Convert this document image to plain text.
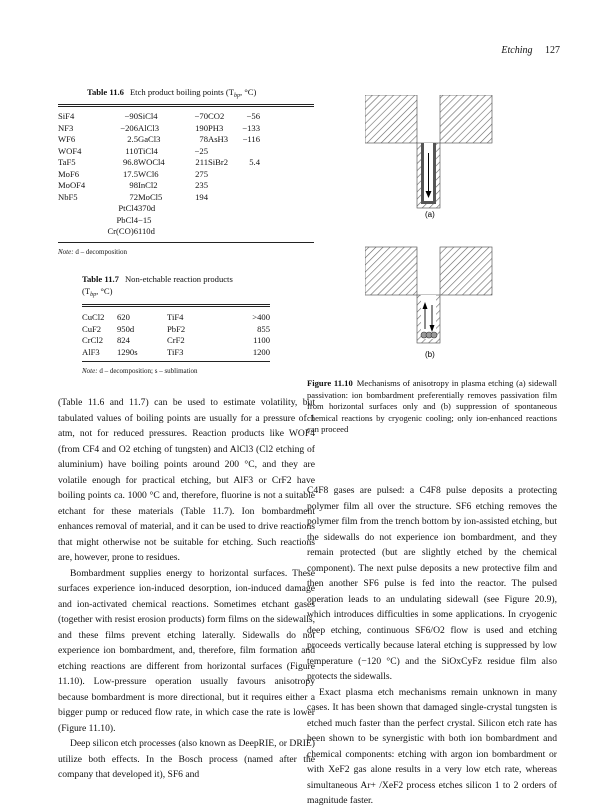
Etching 127
Table 11.6 Etch product boiling points ($T_{bp}$, °C)
SiF4	−90	SiCl4	−70	CO2	−56
NF3	−206	AlCl3	190	PH3	−133
WF6	2.5	GaCl3	78	AsH3	−116
WOF4	110	TiCl4	−25		
TaF5	96.8	WOCl4	211	SiBr2	5.4
MoF6	17.5	WCl6	275		
MoOF4	98	InCl2	235		
NbF5	72	MoCl5	194		
	PtCl4	370d			
	PbCl4	−15			
	Cr(CO)6	110d			
Note: d – decomposition
Table 11.7 Non-etchable reaction products
($T_{bp}$, °C)
CuCl2	620	TiF4	>400
CuF2	950d	PbF2	855
CrCl2	824	CrF2	1100
AlF3	1290s	TiF3	1200
Note: d – decomposition; s – sublimation
(a)
(b)
Figure 11.10 Mechanisms of anisotropy in plasma etching (a) sidewall passivation: ion bombardment preferentially removes passivation film from horizontal surfaces only and (b) suppression of spontaneous chemical reactions by cryogenic cooling; only ion-enhanced reactions can proceed

(Table 11.6 and 11.7) can be used to estimate volatility, but tabulated values of boiling points are usually for a pressure of 1 atm, not for reduced pressures. Reaction products like WOF4 (from CF4 and O2 etching of tungsten) and AlCl3 (Cl2 etching of aluminium) have boiling points around 200 °C, and they are volatile enough for practical etching, but AlF3 or CrF2 have boiling points ca. 1000 °C and, therefore, fluorine is not a suitable etchant for these materials (Table 11.7). Ion bombardment enhances removal of material, and it can be used to drive reactions that might otherwise not be suitable for etching. Such reactions are, however, prone to residues.

Bombardment supplies energy to horizontal surfaces. These surfaces experience ion-induced desorption, ion-induced damage and ion-activated chemical reactions. Sometimes etchant gases (together with resist erosion products) form films on the sidewalls, and these films prevent etching laterally. Sidewalls do not experience ion bombardment, and, therefore, film formation and etching reactions are different from horizontal surfaces (Figure 11.10). Low-pressure operation usually favours anisotropy because bombardment is more directional, but it requires either a bigger pump or reduced flow rate, in which case the rate is lower (Figure 11.10).

Deep silicon etch processes (also known as DeepRIE, or DRIE) utilize both effects. In the Bosch process (named after the company that developed it), SF6 and

C4F8 gases are pulsed: a C4F8 pulse deposits a protecting polymer film all over the structure. SF6 etching removes the polymer film from the trench bottom by ion-assisted etching, but the sidewalls do not experience ion bombardment, and they remain protected (but are slightly etched by the chemical component). The next pulse deposits a new protective film and then another SF6 pulse is fed into the reactor. The pulsed operation leads to an undulating sidewall (see Figure 20.9), which introduces difficulties in some applications. In cryogenic deep etching, continuous SF6/O2 flow is used and etching proceeds vertically because lateral etching is suppressed by low temperature (−120 °C) and the SiOxCyFz residue film also protects the sidewalls.

Exact plasma etch mechanisms remain unknown in many cases. It has been shown that damaged single-crystal tungsten is etched much faster than the perfect crystal. Silicon etch rate has been shown to be synergistic with both ion bombardment and chemical components: etching with argon ion bombardment or with XeF2 gas alone results in a very low etch rate, whereas simultaneous Ar+ /XeF2 process etches silicon 1 to 2 orders of magnitude faster.
